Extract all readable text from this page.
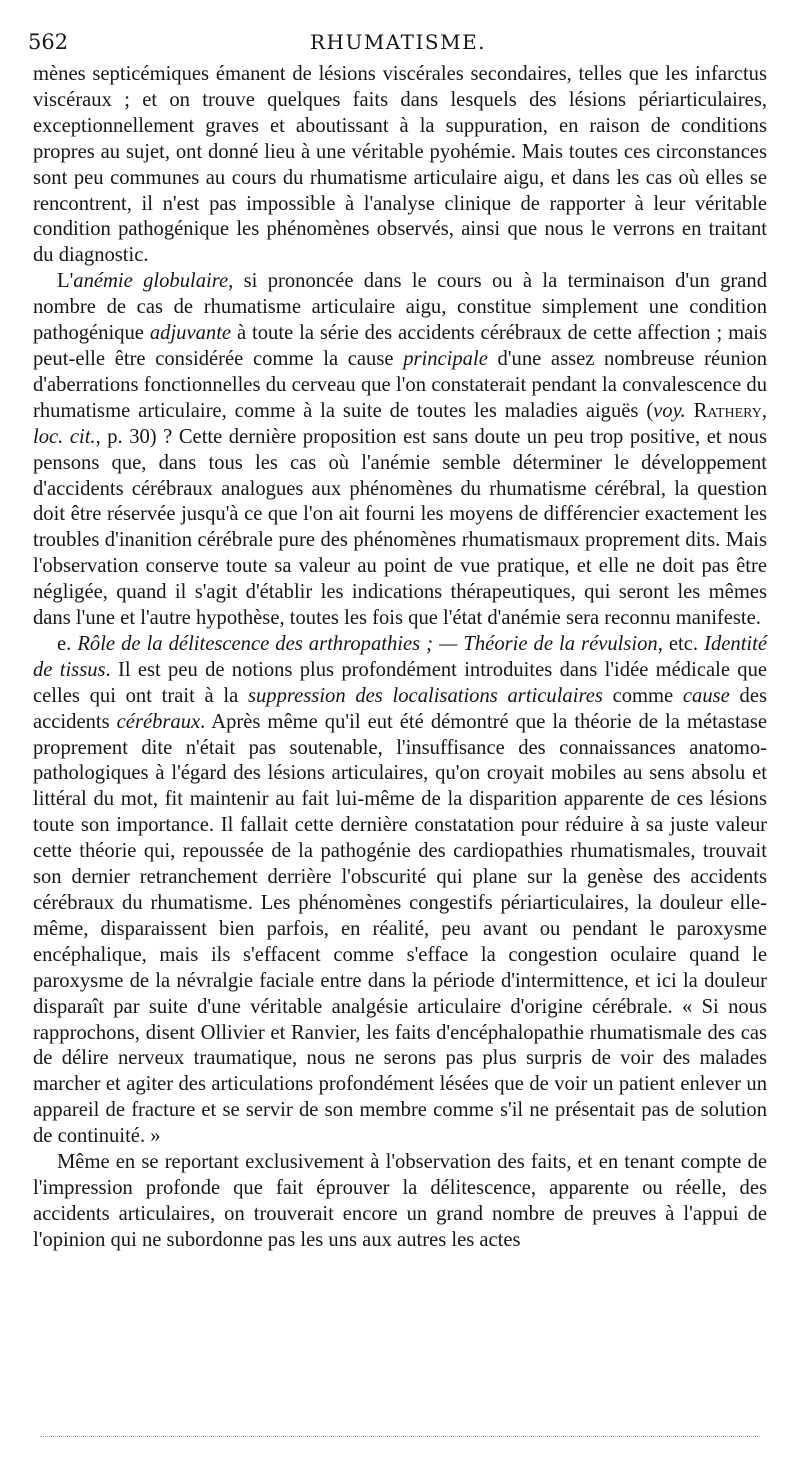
562	RHUMATISME.

mènes septicémiques émanent de lésions viscérales secondaires, telles que les infarctus viscéraux ; et on trouve quelques faits dans lesquels des lésions périarticulaires, exceptionnellement graves et aboutissant à la suppuration, en raison de conditions propres au sujet, ont donné lieu à une véritable pyohémie. Mais toutes ces circonstances sont peu communes au cours du rhumatisme articulaire aigu, et dans les cas où elles se rencontrent, il n'est pas impossible à l'analyse clinique de rapporter à leur véritable condition pathogénique les phénomènes observés, ainsi que nous le verrons en traitant du diagnostic.

L'anémie globulaire, si prononcée dans le cours ou à la terminaison d'un grand nombre de cas de rhumatisme articulaire aigu, constitue simplement une condition pathogénique adjuvante à toute la série des accidents cérébraux de cette affection ; mais peut-elle être considérée comme la cause principale d'une assez nombreuse réunion d'aberrations fonctionnelles du cerveau que l'on constaterait pendant la convalescence du rhumatisme articulaire, comme à la suite de toutes les maladies aiguës (voy. Rathery, loc. cit., p. 30) ? Cette dernière proposition est sans doute un peu trop positive, et nous pensons que, dans tous les cas où l'anémie semble déterminer le développement d'accidents cérébraux analogues aux phénomènes du rhumatisme cérébral, la question doit être réservée jusqu'à ce que l'on ait fourni les moyens de différencier exactement les troubles d'inanition cérébrale pure des phénomènes rhumatismaux proprement dits. Mais l'observation conserve toute sa valeur au point de vue pratique, et elle ne doit pas être négligée, quand il s'agit d'établir les indications thérapeutiques, qui seront les mêmes dans l'une et l'autre hypothèse, toutes les fois que l'état d'anémie sera reconnu manifeste.

e. Rôle de la délitescence des arthropathies ; — Théorie de la révulsion, etc. Identité de tissus. Il est peu de notions plus profondément introduites dans l'idée médicale que celles qui ont trait à la suppression des localisations articulaires comme cause des accidents cérébraux. Après même qu'il eut été démontré que la théorie de la métastase proprement dite n'était pas soutenable, l'insuffisance des connaissances anatomo-pathologiques à l'égard des lésions articulaires, qu'on croyait mobiles au sens absolu et littéral du mot, fit maintenir au fait lui-même de la disparition apparente de ces lésions toute son importance. Il fallait cette dernière constatation pour réduire à sa juste valeur cette théorie qui, repoussée de la pathogénie des cardiopathies rhumatismales, trouvait son dernier retranchement derrière l'obscurité qui plane sur la genèse des accidents cérébraux du rhumatisme. Les phénomènes congestifs périarticulaires, la douleur elle-même, disparaissent bien parfois, en réalité, peu avant ou pendant le paroxysme encéphalique, mais ils s'effacent comme s'efface la congestion oculaire quand le paroxysme de la névralgie faciale entre dans la période d'intermittence, et ici la douleur disparaît par suite d'une véritable analgésie articulaire d'origine cérébrale. « Si nous rapprochons, disent Ollivier et Ranvier, les faits d'encéphalopathie rhumatismale des cas de délire nerveux traumatique, nous ne serons pas plus surpris de voir des malades marcher et agiter des articulations profondément lésées que de voir un patient enlever un appareil de fracture et se servir de son membre comme s'il ne présentait pas de solution de continuité. »

Même en se reportant exclusivement à l'observation des faits, et en tenant compte de l'impression profonde que fait éprouver la délitescence, apparente ou réelle, des accidents articulaires, on trouverait encore un grand nombre de preuves à l'appui de l'opinion qui ne subordonne pas les uns aux autres les actes
